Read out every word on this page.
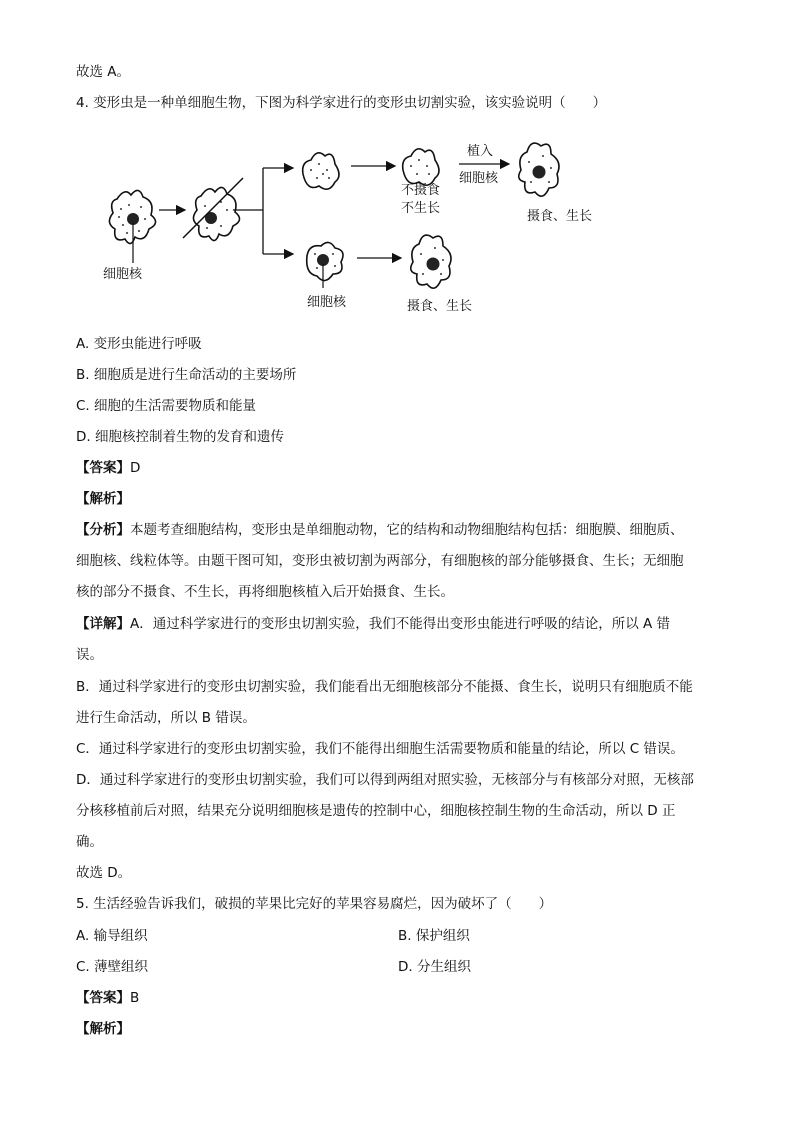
故选 A。
4. 变形虫是一种单细胞生物，下图为科学家进行的变形虫切割实验，该实验说明（　　）
细胞核
不摄食
不生长
植入
细胞核
摄食、生长
细胞核	摄食、生长
A. 变形虫能进行呼吸
B. 细胞质是进行生命活动的主要场所
C. 细胞的生活需要物质和能量
D. 细胞核控制着生物的发育和遗传
【答案】D
【解析】
【分析】本题考查细胞结构，变形虫是单细胞动物，它的结构和动物细胞结构包括：细胞膜、细胞质、
细胞核、线粒体等。由题干图可知，变形虫被切割为两部分，有细胞核的部分能够摄食、生长；无细胞
核的部分不摄食、不生长，再将细胞核植入后开始摄食、生长。
【详解】A．通过科学家进行的变形虫切割实验，我们不能得出变形虫能进行呼吸的结论，所以 A 错
误。
B．通过科学家进行的变形虫切割实验，我们能看出无细胞核部分不能摄、食生长，说明只有细胞质不能
进行生命活动，所以 B 错误。
C．通过科学家进行的变形虫切割实验，我们不能得出细胞生活需要物质和能量的结论，所以 C 错误。
D．通过科学家进行的变形虫切割实验，我们可以得到两组对照实验，无核部分与有核部分对照，无核部
分核移植前后对照，结果充分说明细胞核是遗传的控制中心，细胞核控制生物的生命活动，所以 D 正
确。
故选 D。
5. 生活经验告诉我们，破损的苹果比完好的苹果容易腐烂，因为破坏了（　　）
A. 输导组织	B. 保护组织
C. 薄壁组织	D. 分生组织
【答案】B
【解析】
